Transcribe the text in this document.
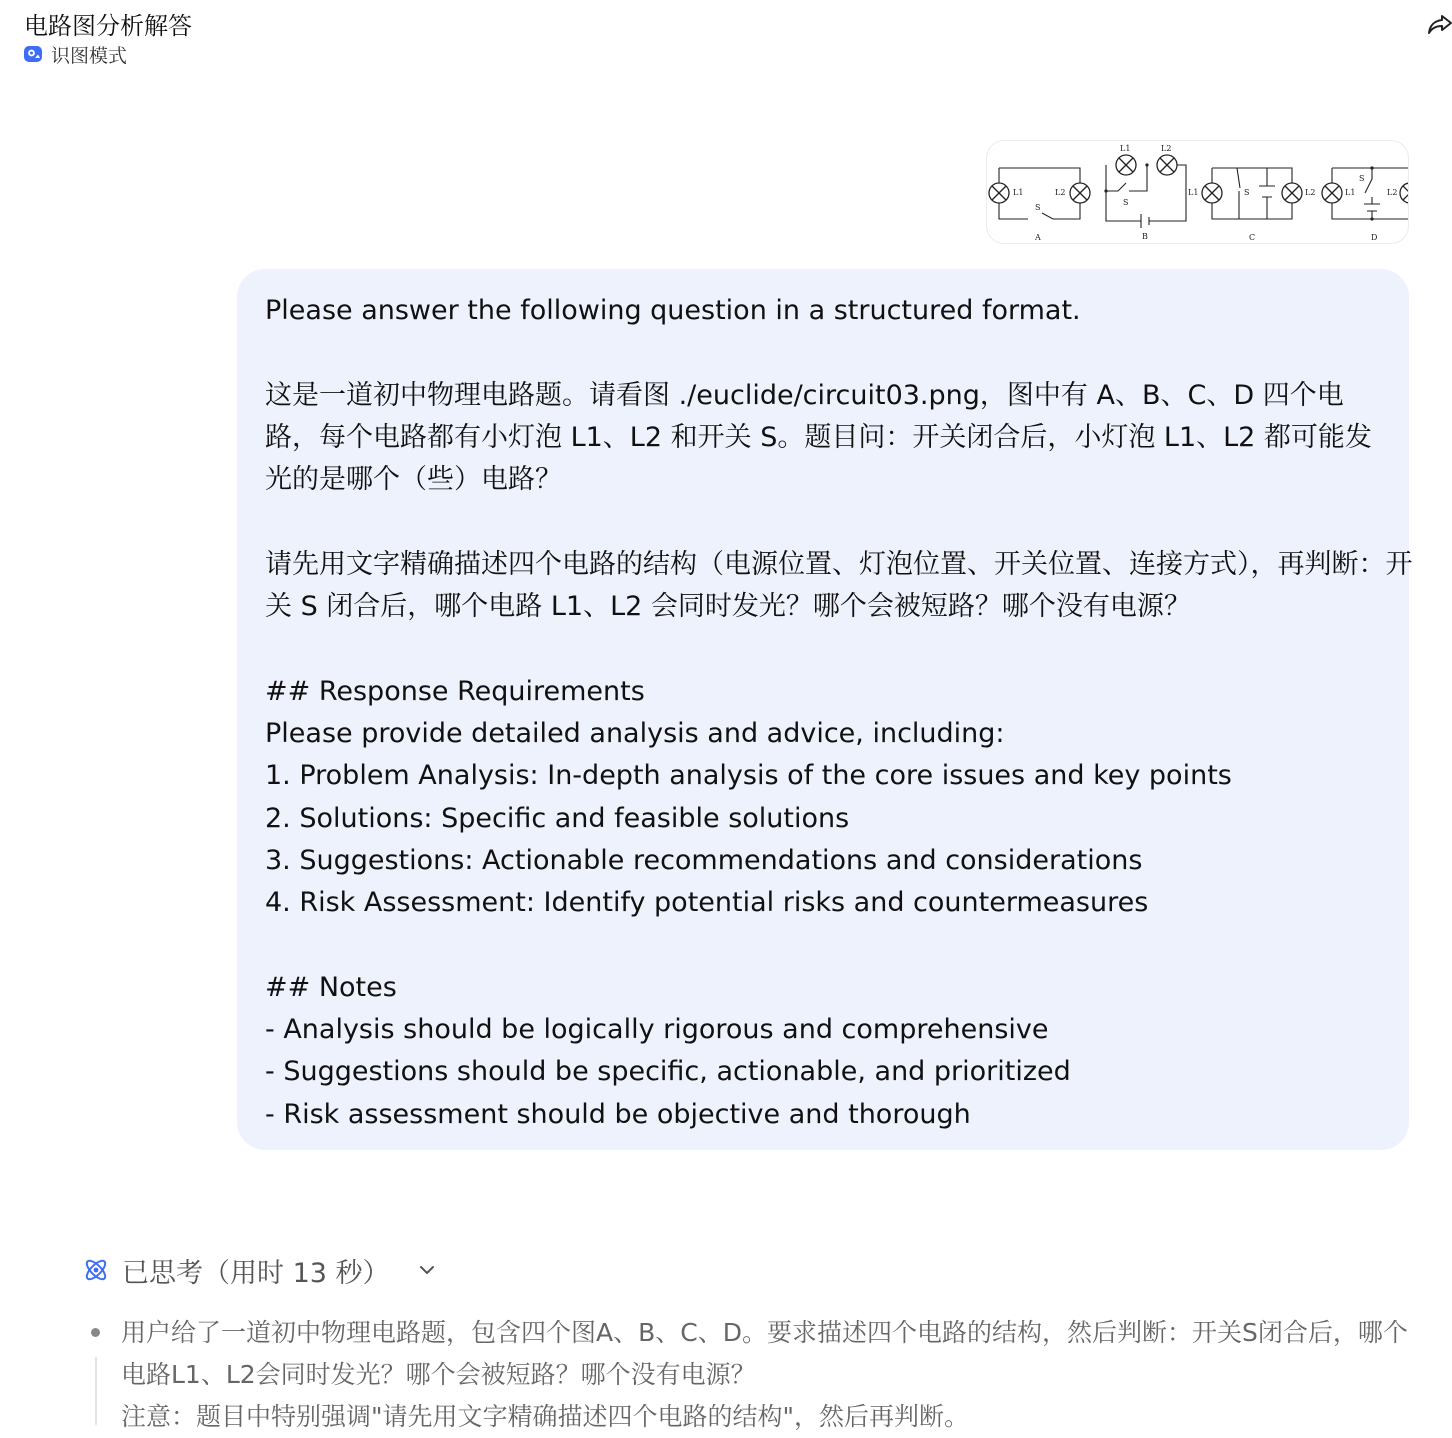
电路图分析解答
识图模式
L1	L2
S
A
L1	L2
S
B
L1	S	L2
C
L1
S
L2
D
Please answer the following question in a structured format.
这是一道初中物理电路题。请看图 ./euclide/circuit03.png，图中有 A、B、C、D 四个电
路，每个电路都有小灯泡 L1、L2 和开关 S。题目问：开关闭合后，小灯泡 L1、L2 都可能发
光的是哪个（些）电路？
请先用文字精确描述四个电路的结构（电源位置、灯泡位置、开关位置、连接方式），再判断：开
关 S 闭合后，哪个电路 L1、L2 会同时发光？哪个会被短路？哪个没有电源？
## Response Requirements
Please provide detailed analysis and advice, including:
1. Problem Analysis: In-depth analysis of the core issues and key points
2. Solutions: Specific and feasible solutions
3. Suggestions: Actionable recommendations and considerations
4. Risk Assessment: Identify potential risks and countermeasures
## Notes
- Analysis should be logically rigorous and comprehensive
- Suggestions should be specific, actionable, and prioritized
- Risk assessment should be objective and thorough
已思考（用时 13 秒）
用户给了一道初中物理电路题，包含四个图A、B、C、D。要求描述四个电路的结构，然后判断：开关S闭合后，哪个
电路L1、L2会同时发光？哪个会被短路？哪个没有电源？
注意：题目中特别强调"请先用文字精确描述四个电路的结构"，然后再判断。
